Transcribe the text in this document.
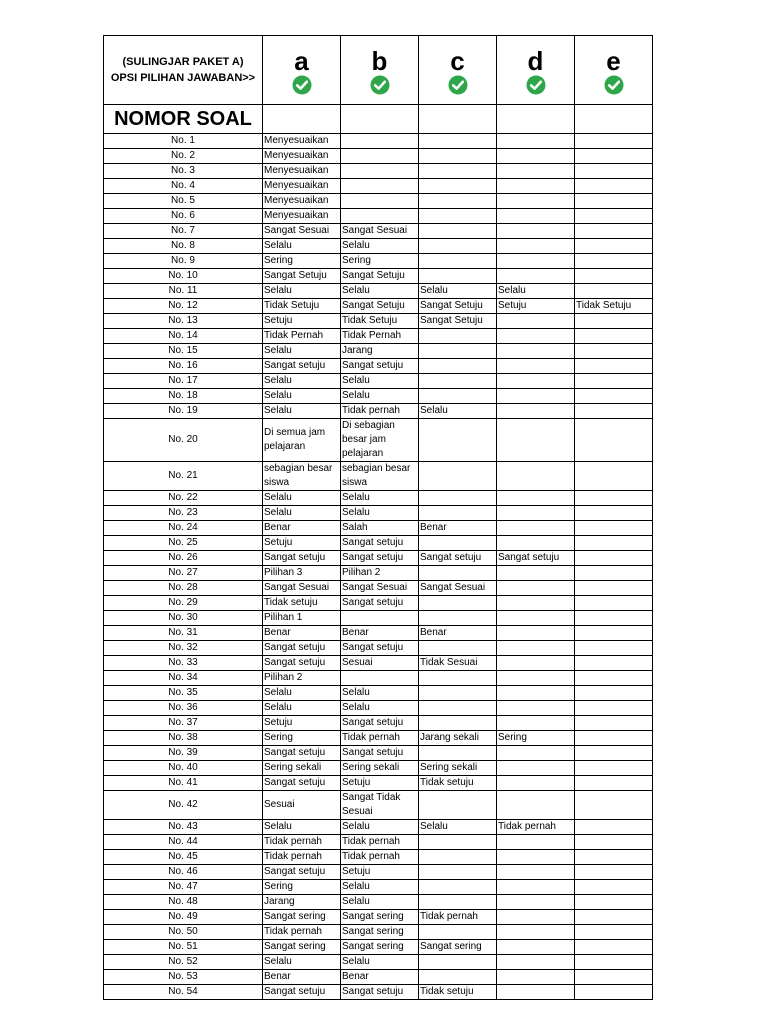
(SULINGJAR PAKET A)
OPSI PILIHAN JAWABAN>>	a	b	c	d	e

NOMOR SOAL					
No. 1	Menyesuaikan				
No. 2	Menyesuaikan				
No. 3	Menyesuaikan				
No. 4	Menyesuaikan				
No. 5	Menyesuaikan				
No. 6	Menyesuaikan				
No. 7	Sangat Sesuai	Sangat Sesuai			
No. 8	Selalu	Selalu			
No. 9	Sering	Sering			
No. 10	Sangat Setuju	Sangat Setuju			
No. 11	Selalu	Selalu	Selalu	Selalu	
No. 12	Tidak Setuju	Sangat Setuju	Sangat Setuju	Setuju	Tidak Setuju
No. 13	Setuju	Tidak Setuju	Sangat Setuju		
No. 14	Tidak Pernah	Tidak Pernah			
No. 15	Selalu	Jarang			
No. 16	Sangat setuju	Sangat setuju			
No. 17	Selalu	Selalu			
No. 18	Selalu	Selalu			
No. 19	Selalu	Tidak pernah	Selalu		
No. 20	Di semua jam pelajaran	Di sebagian besar jam pelajaran			
No. 21	sebagian besar siswa	sebagian besar siswa			
No. 22	Selalu	Selalu			
No. 23	Selalu	Selalu			
No. 24	Benar	Salah	Benar		
No. 25	Setuju	Sangat setuju			
No. 26	Sangat setuju	Sangat setuju	Sangat setuju	Sangat setuju	
No. 27	Pilihan 3	Pilihan 2			
No. 28	Sangat Sesuai	Sangat Sesuai	Sangat Sesuai		
No. 29	Tidak setuju	Sangat setuju			
No. 30	Pilihan 1				
No. 31	Benar	Benar	Benar		
No. 32	Sangat setuju	Sangat setuju			
No. 33	Sangat setuju	Sesuai	Tidak Sesuai		
No. 34	Pilihan 2				
No. 35	Selalu	Selalu			
No. 36	Selalu	Selalu			
No. 37	Setuju	Sangat setuju			
No. 38	Sering	Tidak pernah	Jarang sekali	Sering	
No. 39	Sangat setuju	Sangat setuju			
No. 40	Sering sekali	Sering sekali	Sering sekali		
No. 41	Sangat setuju	Setuju	Tidak setuju		
No. 42	Sesuai	Sangat Tidak Sesuai			
No. 43	Selalu	Selalu	Selalu	Tidak pernah	
No. 44	Tidak pernah	Tidak pernah			
No. 45	Tidak pernah	Tidak pernah			
No. 46	Sangat setuju	Setuju			
No. 47	Sering	Selalu			
No. 48	Jarang	Selalu			
No. 49	Sangat sering	Sangat sering	Tidak pernah		
No. 50	Tidak pernah	Sangat sering			
No. 51	Sangat sering	Sangat sering	Sangat sering		
No. 52	Selalu	Selalu			
No. 53	Benar	Benar			
No. 54	Sangat setuju	Sangat setuju	Tidak setuju		
